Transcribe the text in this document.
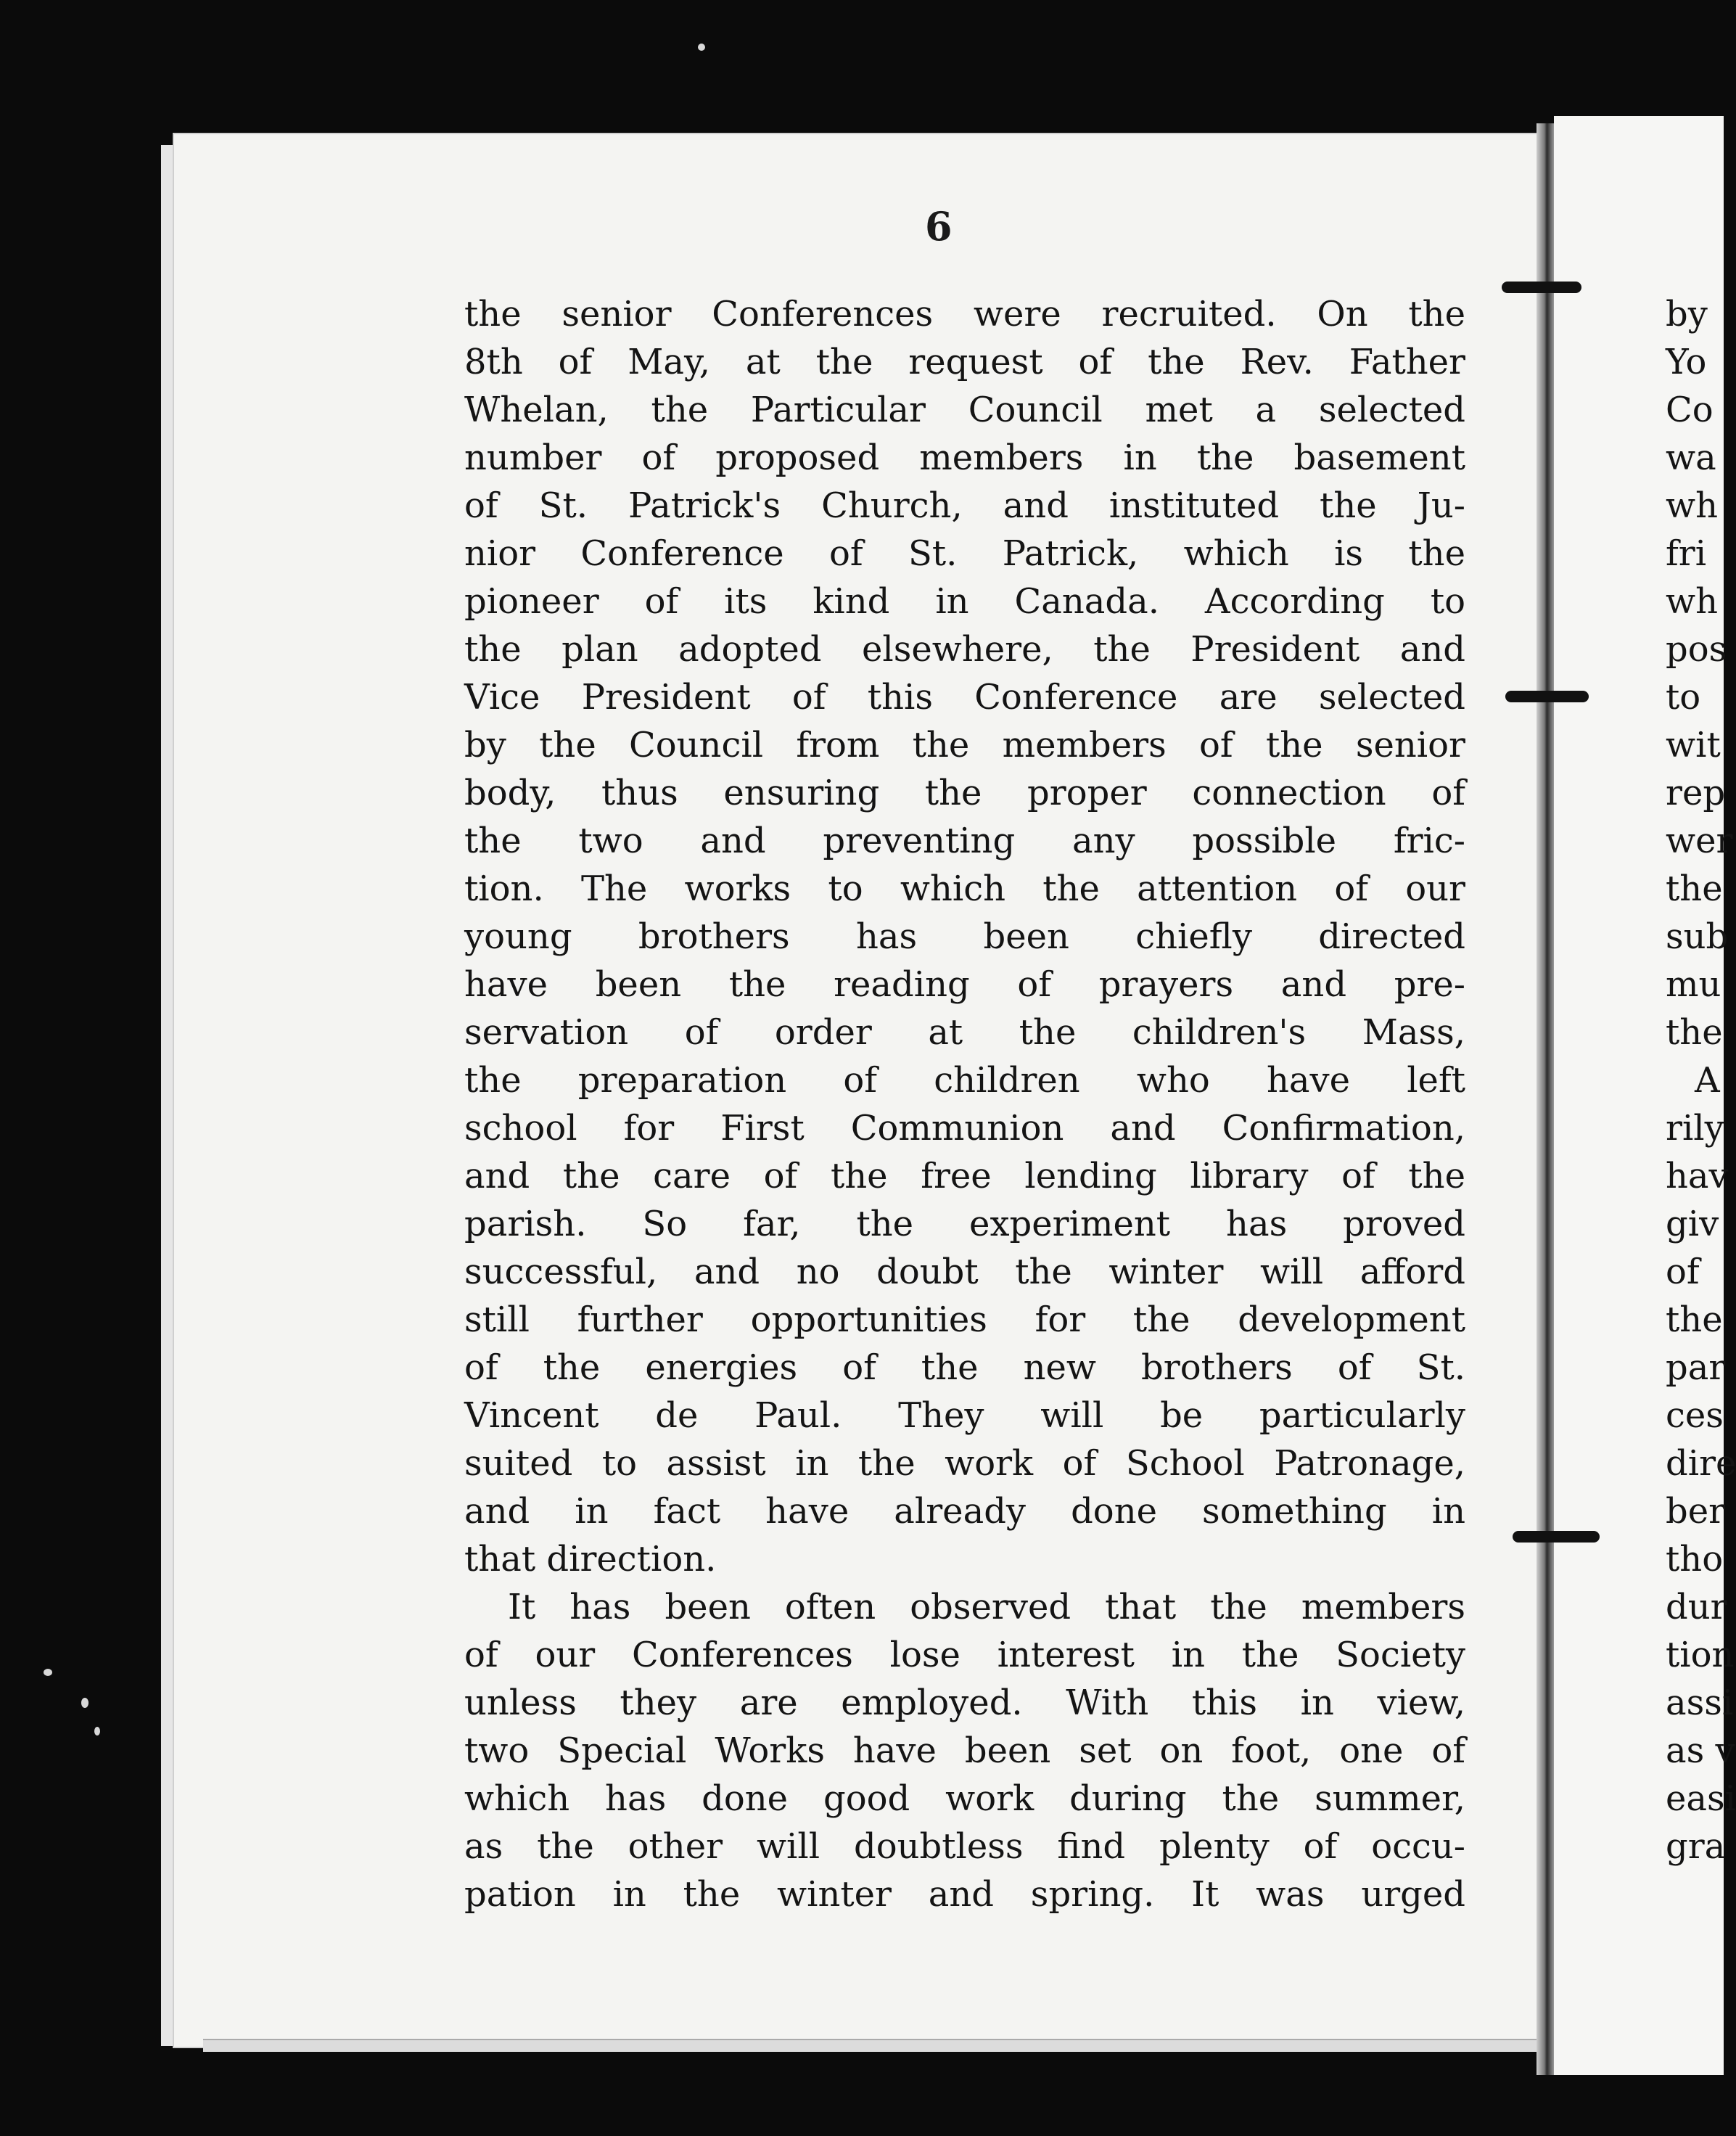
6
the senior Conferences were recruited. On the
8th of May, at the request of the Rev. Father
Whelan, the Particular Council met a selected
number of proposed members in the basement
of St. Patrick's Church, and instituted the Ju-
nior Conference of St. Patrick, which is the
pioneer of its kind in Canada. According to
the plan adopted elsewhere, the President and
Vice President of this Conference are selected
by the Council from the members of the senior
body, thus ensuring the proper connection of
the two and preventing any possible fric-
tion. The works to which the attention of our
young brothers has been chiefly directed
have been the reading of prayers and pre-
servation of order at the children's Mass,
the preparation of children who have left
school for First Communion and Confirmation,
and the care of the free lending library of the
parish. So far, the experiment has proved
successful, and no doubt the winter will afford
still further opportunities for the development
of the energies of the new brothers of St.
Vincent de Paul. They will be particularly
suited to assist in the work of School Patronage,
and in fact have already done something in
that direction.
It has been often observed that the members
of our Conferences lose interest in the Society
unless they are employed. With this in view,
two Special Works have been set on foot, one of
which has done good work during the summer,
as the other will doubtless find plenty of occu-
pation in the winter and spring. It was urged
by
Yo
Co
wa
wh
fri
wh
pos
to
wit
rep
wer
the
sub
mu
the
A
rily
hav
giv
of
the
par
ces
dire
ber
tho
dur
tion
assi
as v
easi
gra
